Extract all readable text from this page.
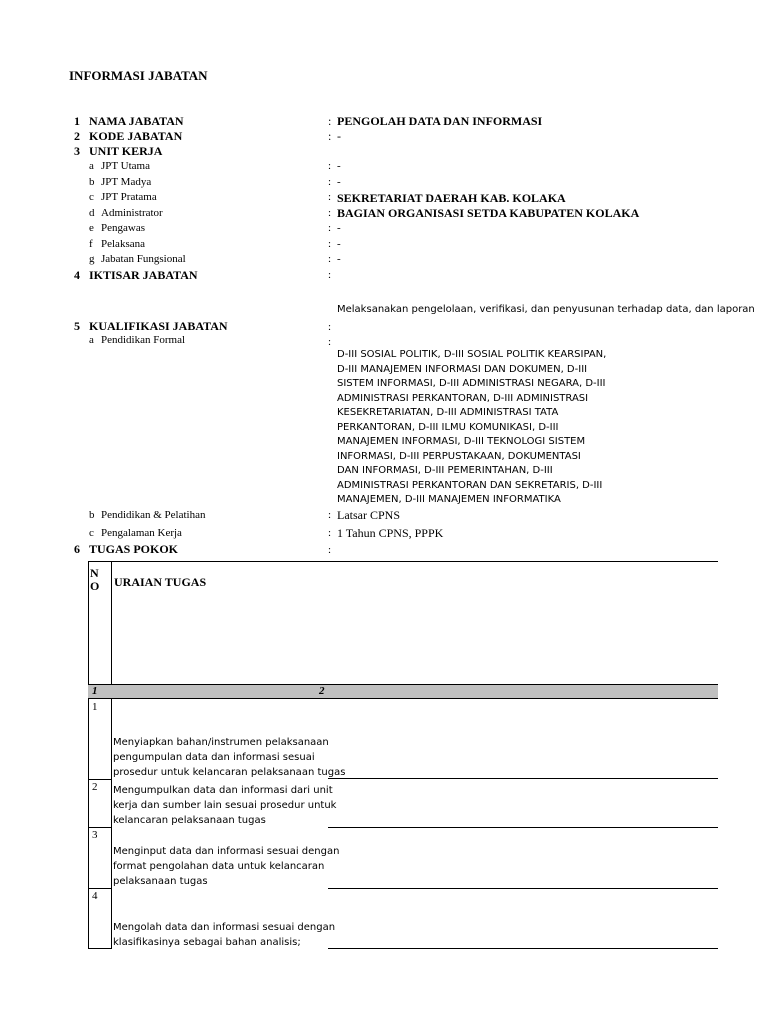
INFORMASI JABATAN
1 NAMA JABATAN	: PENGOLAH DATA DAN INFORMASI
2 KODE JABATAN	: -
3 UNIT KERJA
a JPT Utama	: -
b JPT Madya	: -
c JPT Pratama	: SEKRETARIAT DAERAH KAB. KOLAKA
d Administrator	: BAGIAN ORGANISASI SETDA KABUPATEN KOLAKA
e Pengawas	: -
f Pelaksana	: -
g Jabatan Fungsional	: -
4 IKTISAR JABATAN	:
Melaksanakan pengelolaan, verifikasi, dan penyusunan terhadap data, dan laporan
5 KUALIFIKASI JABATAN	:
a Pendidikan Formal	:
D-III SOSIAL POLITIK, D-III SOSIAL POLITIK KEARSIPAN,
D-III MANAJEMEN INFORMASI DAN DOKUMEN, D-III
SISTEM INFORMASI, D-III ADMINISTRASI NEGARA, D-III
ADMINISTRASI PERKANTORAN, D-III ADMINISTRASI
KESEKRETARIATAN, D-III ADMINISTRASI TATA
PERKANTORAN, D-III ILMU KOMUNIKASI, D-III
MANAJEMEN INFORMASI, D-III TEKNOLOGI SISTEM
INFORMASI, D-III PERPUSTAKAAN, DOKUMENTASI
DAN INFORMASI, D-III PEMERINTAHAN, D-III
ADMINISTRASI PERKANTORAN DAN SEKRETARIS, D-III
MANAJEMEN, D-III MANAJEMEN INFORMATIKA
b Pendidikan & Pelatihan	: Latsar CPNS
c Pengalaman Kerja	: 1 Tahun CPNS, PPPK
6 TUGAS POKOK	:
N
O URAIAN TUGAS
1	2
1
Menyiapkan bahan/instrumen pelaksanaan
pengumpulan data dan informasi sesuai
prosedur untuk kelancaran pelaksanaan tugas
2 Mengumpulkan data dan informasi dari unit
kerja dan sumber lain sesuai prosedur untuk
kelancaran pelaksanaan tugas
3
Menginput data dan informasi sesuai dengan
format pengolahan data untuk kelancaran
pelaksanaan tugas
4
Mengolah data dan informasi sesuai dengan
klasifikasinya sebagai bahan analisis;
